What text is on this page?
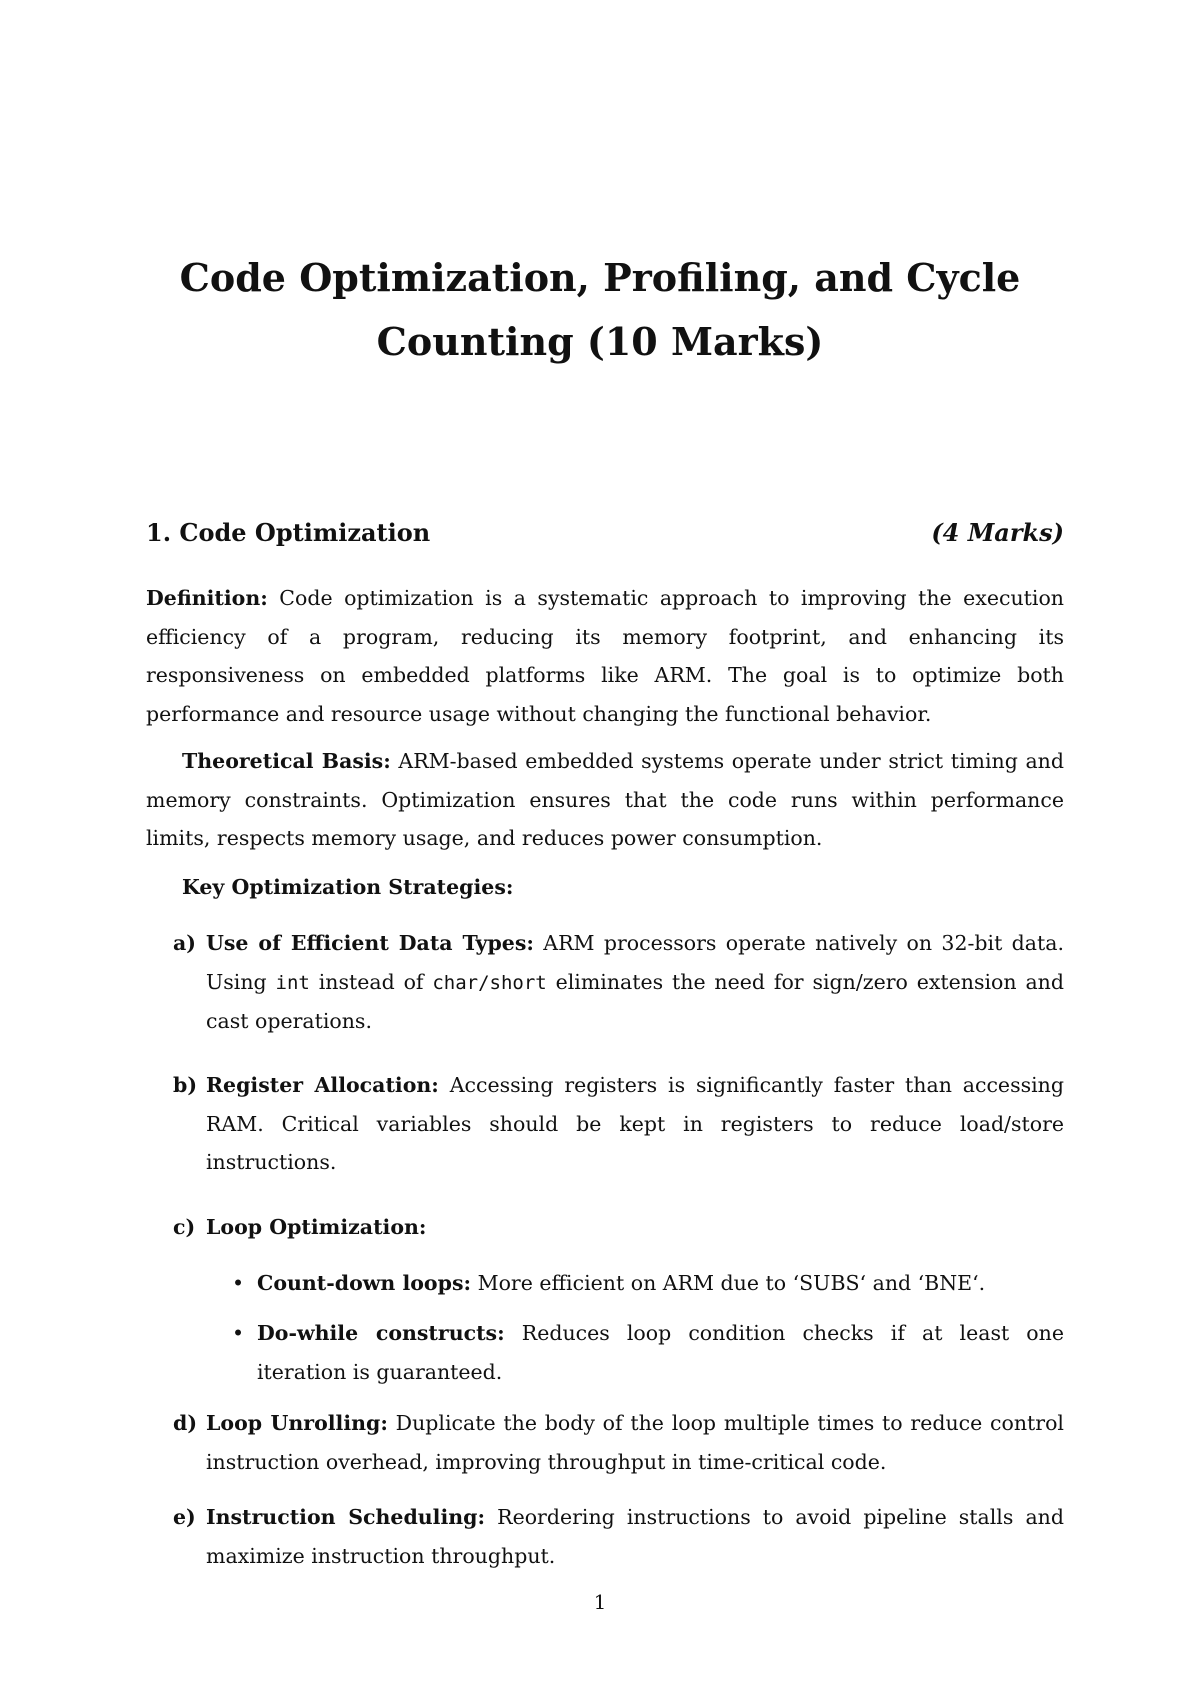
Code Optimization, Profiling, and Cycle
Counting (10 Marks)
1. Code Optimization	(4 Marks)

Definition: Code optimization is a systematic approach to improving the execution efficiency of a program, reducing its memory footprint, and enhancing its responsiveness on embedded platforms like ARM. The goal is to optimize both performance and resource usage without changing the functional behavior.

Theoretical Basis: ARM-based embedded systems operate under strict timing and memory constraints. Optimization ensures that the code runs within performance limits, respects memory usage, and reduces power consumption.

Key Optimization Strategies:

a) Use of Efficient Data Types: ARM processors operate natively on 32-bit data. Using int instead of char/short eliminates the need for sign/zero extension and cast operations.
b) Register Allocation: Accessing registers is significantly faster than accessing RAM. Critical variables should be kept in registers to reduce load/store instructions.
c) Loop Optimization:
• Count-down loops: More efficient on ARM due to ‘SUBS‘ and ‘BNE‘.
• Do-while constructs: Reduces loop condition checks if at least one iteration is guaranteed.
d) Loop Unrolling: Duplicate the body of the loop multiple times to reduce control instruction overhead, improving throughput in time-critical code.
e) Instruction Scheduling: Reordering instructions to avoid pipeline stalls and maximize instruction throughput.
1
